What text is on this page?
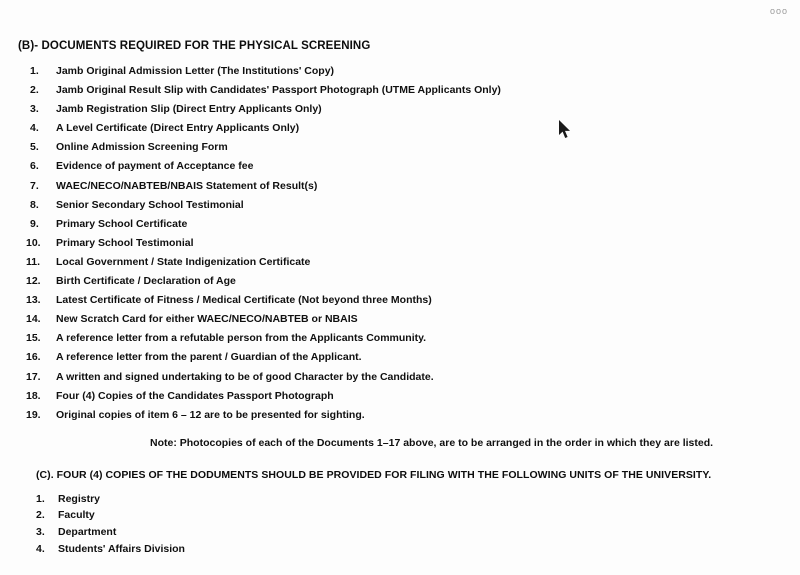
ooo
(B)- DOCUMENTS REQUIRED FOR THE PHYSICAL SCREENING
1.	Jamb Original Admission Letter (The Institutions' Copy)
2.	Jamb Original Result Slip with Candidates' Passport Photograph (UTME Applicants Only)
3.	Jamb Registration Slip (Direct Entry Applicants Only)
4.	A Level Certificate (Direct Entry Applicants Only)
5.	Online Admission Screening Form
6.	Evidence of payment of Acceptance fee
7.	WAEC/NECO/NABTEB/NBAIS Statement of Result(s)
8.	Senior Secondary School Testimonial
9.	Primary School Certificate
10.	Primary School Testimonial
11.	Local Government / State Indigenization Certificate
12.	Birth Certificate / Declaration of Age
13.	Latest Certificate of Fitness / Medical Certificate (Not beyond three Months)
14.	New Scratch Card for either WAEC/NECO/NABTEB or NBAIS
15.	A reference letter from a refutable person from the Applicants Community.
16.	A reference letter from the parent / Guardian of the Applicant.
17.	A written and signed undertaking to be of good Character by the Candidate.
18.	Four (4) Copies of the Candidates Passport Photograph
19.	Original copies of item 6 – 12 are to be presented for sighting.
Note: Photocopies of each of the Documents 1–17 above, are to be arranged in the order in which they are listed.
(C). FOUR (4) COPIES OF THE DODUMENTS SHOULD BE PROVIDED FOR FILING WITH THE FOLLOWING UNITS OF THE UNIVERSITY.
1.	Registry
2.	Faculty
3.	Department
4.	Students' Affairs Division
